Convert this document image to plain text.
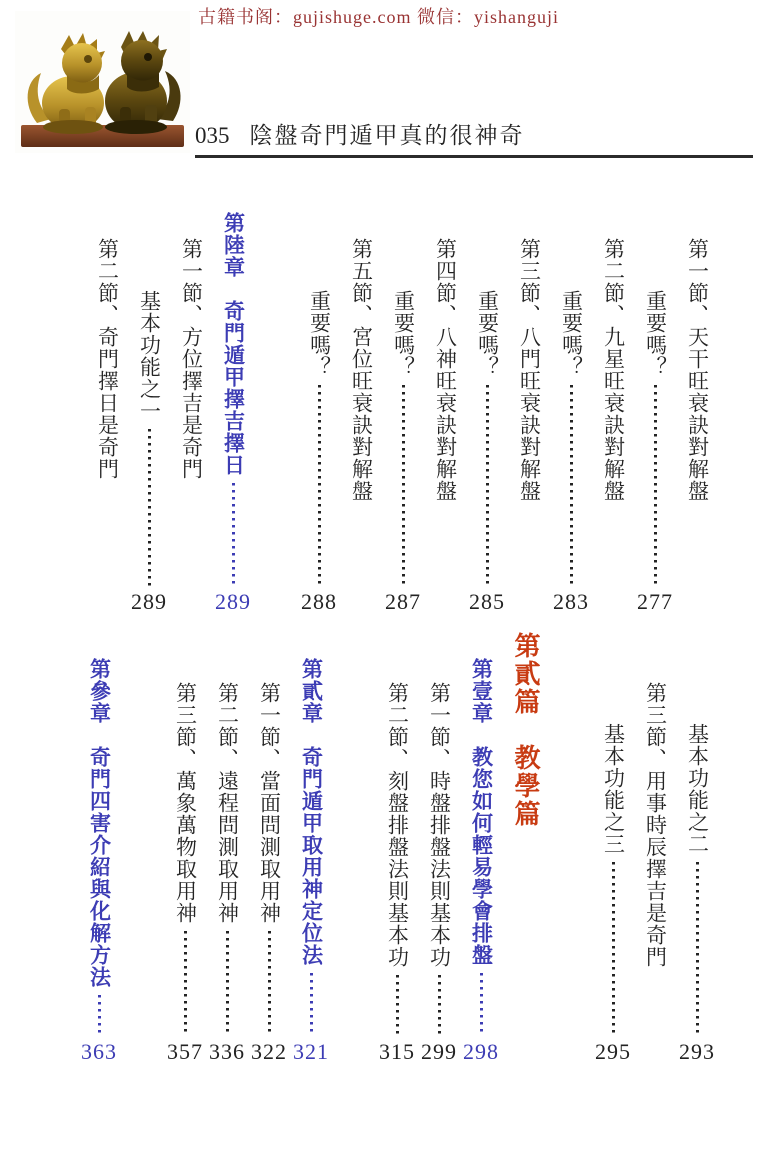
古籍书阁：gujishuge.com 微信：yishanguji
035 陰盤奇門遁甲真的很神奇
第一節、天干旺衰訣對解盤
重要嗎？
277
第二節、九星旺衰訣對解盤
重要嗎？
283
第三節、八門旺衰訣對解盤
重要嗎？
285
第四節、八神旺衰訣對解盤
重要嗎？
287
第五節、宮位旺衰訣對解盤
重要嗎？
288
第陸章　奇門遁甲擇吉擇日
289
第一節、方位擇吉是奇門
基本功能之一
289
第二節、奇門擇日是奇門
基本功能之二
293
第三節、用事時辰擇吉是奇門
基本功能之三
295
第貳篇　教學篇
第壹章　教您如何輕易學會排盤
298
第一節、時盤排盤法則基本功
299
第二節、刻盤排盤法則基本功
315
第貳章　奇門遁甲取用神定位法
321
第一節、當面問測取用神
322
第二節、遠程問測取用神
336
第三節、萬象萬物取用神
357
第參章　奇門四害介紹與化解方法
363
